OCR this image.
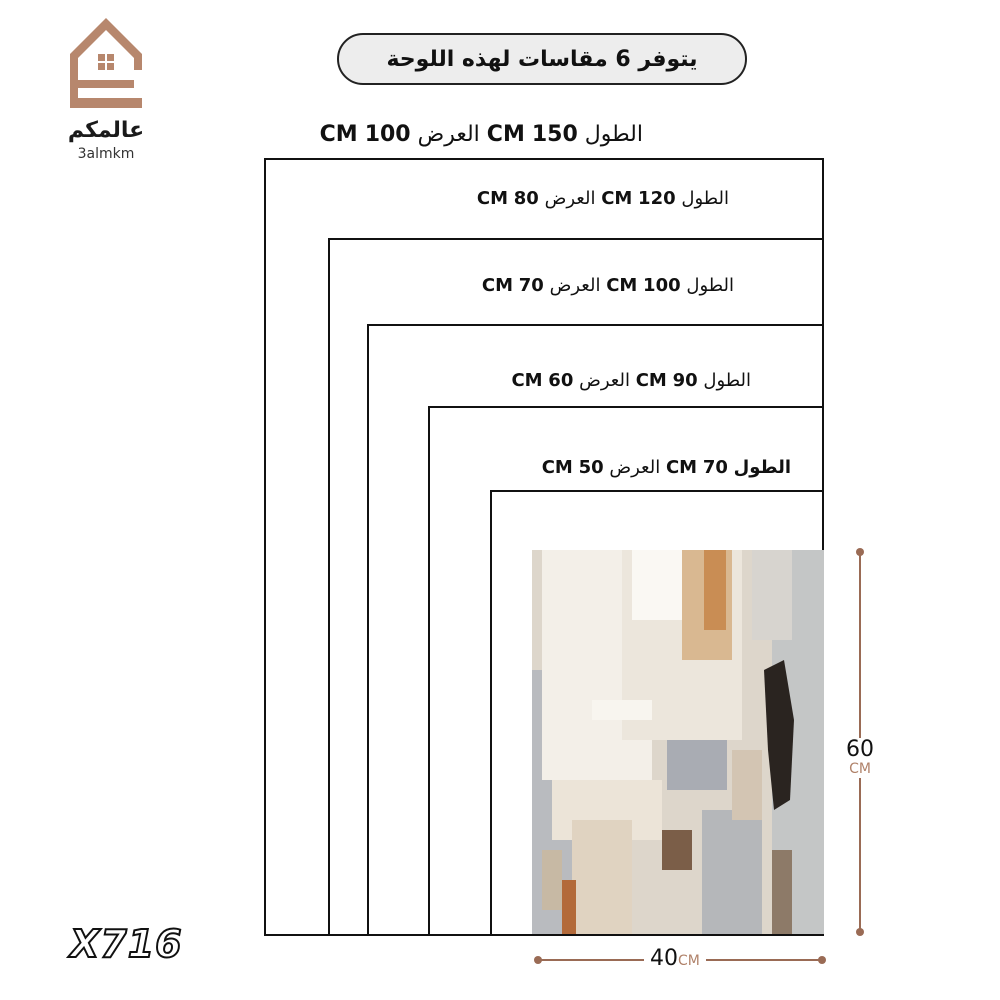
عالمكم
3almkm
يتوفر 6 مقاسات لهذه اللوحة
الطول 150 CM العرض 100 CM
الطول 120 CM العرض 80 CM
الطول 100 CM العرض 70 CM
الطول 90 CM العرض 60 CM
الطول 70 CM العرض 50 CM
60
CM
40CM
X716
